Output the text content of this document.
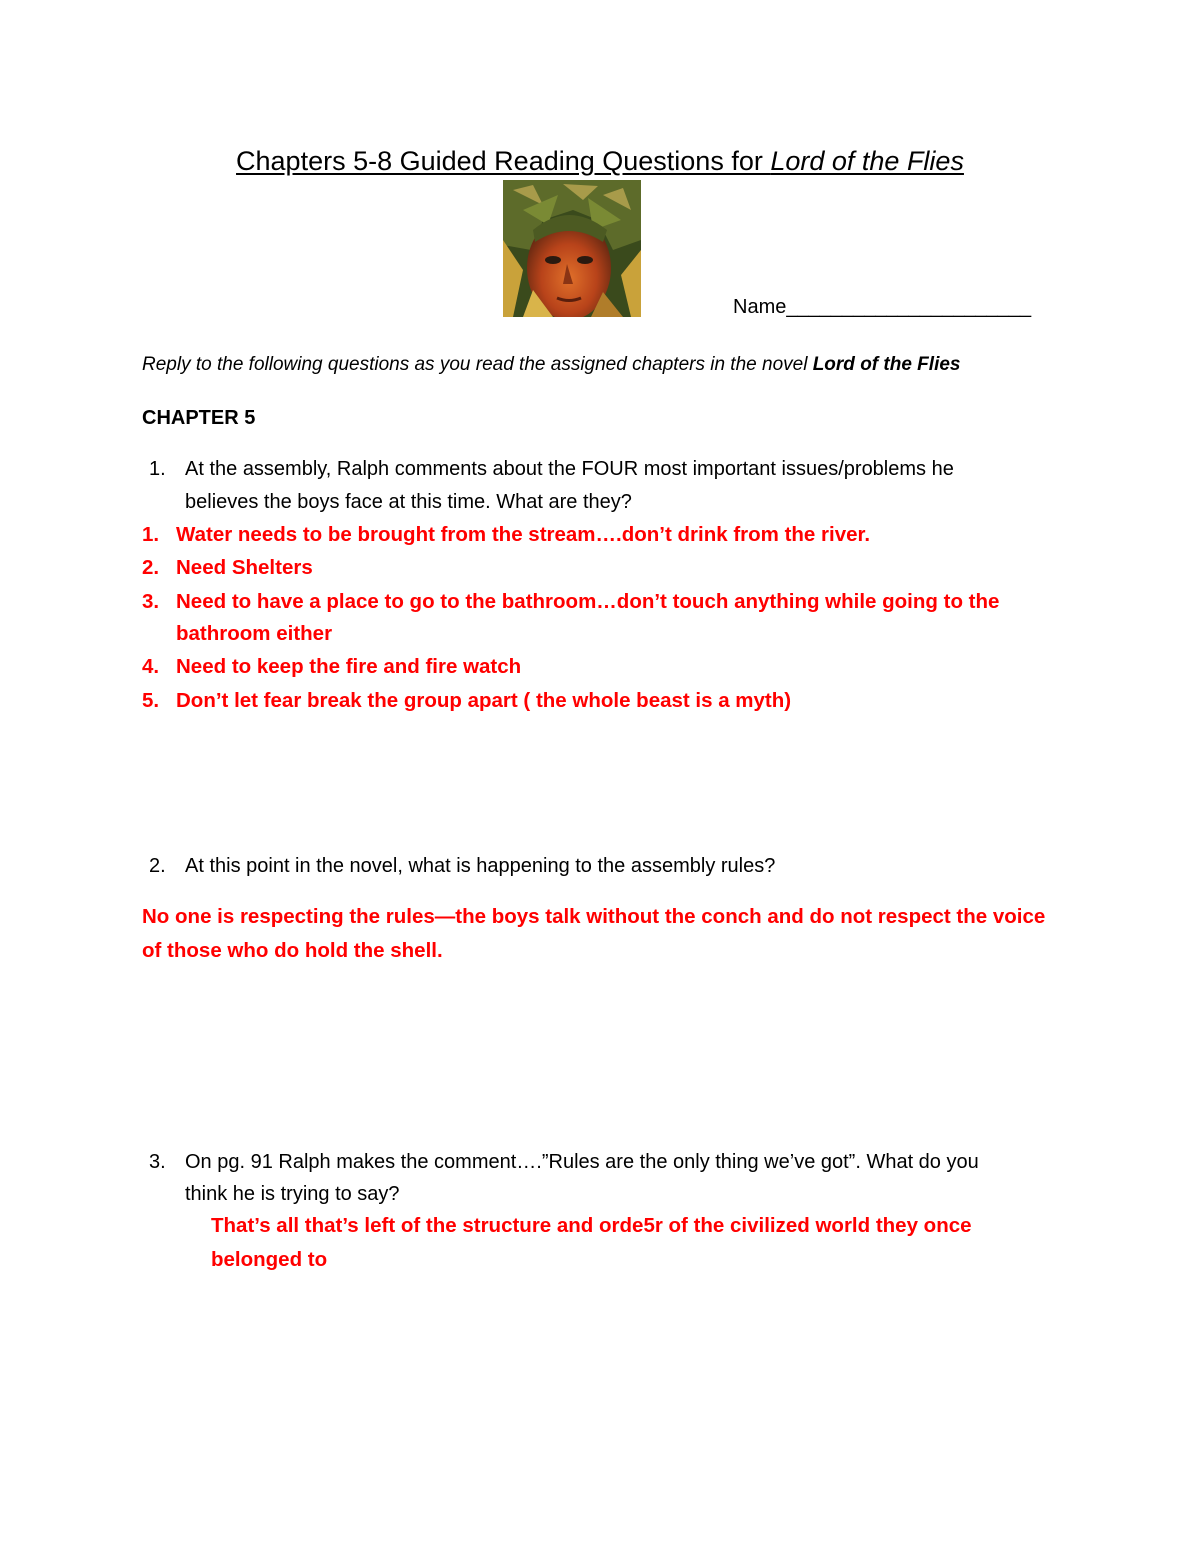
Chapters 5-8 Guided Reading Questions for Lord of the Flies
Name______________________
Reply to the following questions as you read the assigned chapters in the novel Lord of the Flies
CHAPTER 5
1. At the assembly, Ralph comments about the FOUR most important issues/problems he
believes the boys face at this time. What are they?
1. Water needs to be brought from the stream….don’t drink from the river.
2. Need Shelters
3. Need to have a place to go to the bathroom…don’t touch anything while going to the
bathroom either
4. Need to keep the fire and fire watch
5. Don’t let fear break the group apart ( the whole beast is a myth)
2. At this point in the novel, what is happening to the assembly rules?
No one is respecting the rules—the boys talk without the conch and do not respect the voice
of those who do hold the shell.
3. On pg. 91 Ralph makes the comment….”Rules are the only thing we’ve got”. What do you
think he is trying to say?
That’s all that’s left of the structure and orde5r of the civilized world they once
belonged to
